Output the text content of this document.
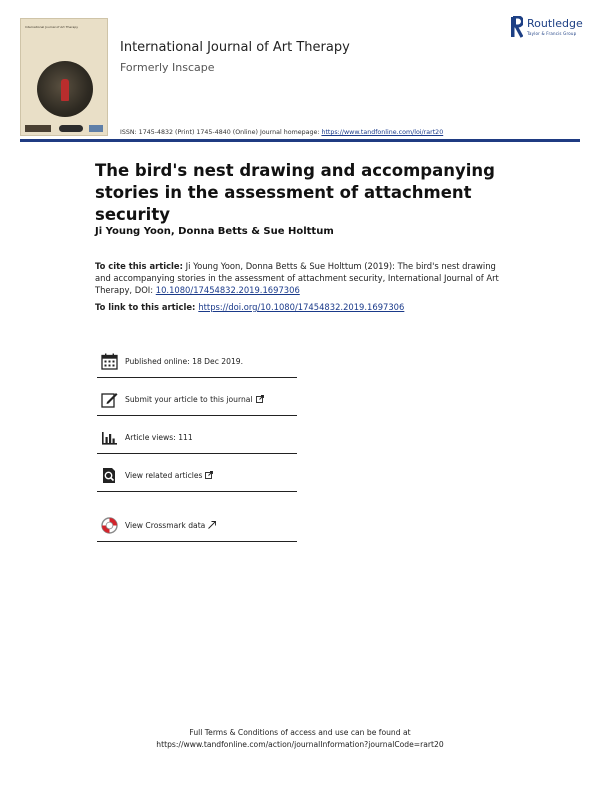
International Journal of Art Therapy
International Journal of Art Therapy
Formerly Inscape
ISSN: 1745-4832 (Print) 1745-4840 (Online) Journal homepage: https://www.tandfonline.com/loi/rart20
Routledge
Taylor & Francis Group
The bird's nest drawing and accompanying stories in the assessment of attachment security
Ji Young Yoon, Donna Betts & Sue Holttum

To cite this article: Ji Young Yoon, Donna Betts & Sue Holttum (2019): The bird's nest drawing and accompanying stories in the assessment of attachment security, International Journal of Art Therapy, DOI: 10.1080/17454832.2019.1697306

To link to this article: https://doi.org/10.1080/17454832.2019.1697306

Published online: 18 Dec 2019.
Submit your article to this journal
Article views: 111
View related articles
View Crossmark data
Full Terms & Conditions of access and use can be found at
https://www.tandfonline.com/action/journalInformation?journalCode=rart20
